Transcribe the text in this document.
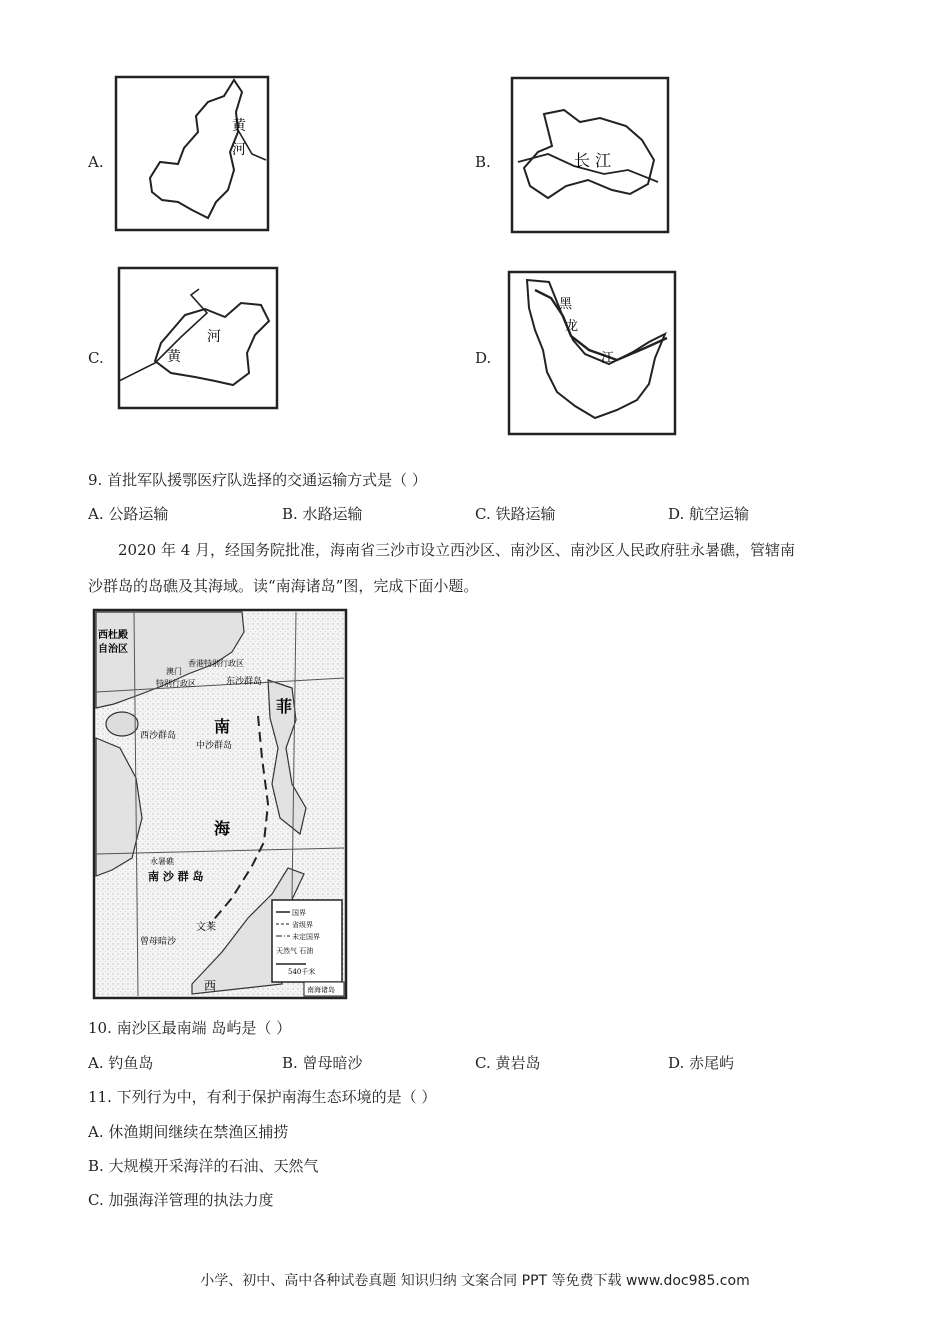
A.
黄
河
B.	长 江
C.
河
黄	D.
黑
龙
江
9. 首批军队援鄂医疗队选择的交通运输方式是（ ）
A. 公路运输	B. 水路运输	C. 铁路运输	D. 航空运输
2020 年 4 月，经国务院批准，海南省三沙市设立西沙区、南沙区、南沙区人民政府驻永暑礁，管辖南
沙群岛的岛礁及其海域。读“南海诸岛”图，完成下面小题。
西杜殿
自治区
香港特别行政区
澳门
特别行政区	东沙群岛
西沙群岛
中沙群岛
南
海
菲
永暑礁
南 沙 群 岛
曾母暗沙
文莱
西
国界
省级界
未定国界
天然气 石油
540千米
南海诸岛
10. 南沙区最南端 岛屿是（ ）
A. 钓鱼岛	B. 曾母暗沙	C. 黄岩岛	D. 赤尾屿
11. 下列行为中，有利于保护南海生态环境的是（ ）
A. 休渔期间继续在禁渔区捕捞
B. 大规模开采海洋的石油、天然气
C. 加强海洋管理的执法力度
小学、初中、高中各种试卷真题 知识归纳 文案合同 PPT 等免费下载 www.doc985.com
